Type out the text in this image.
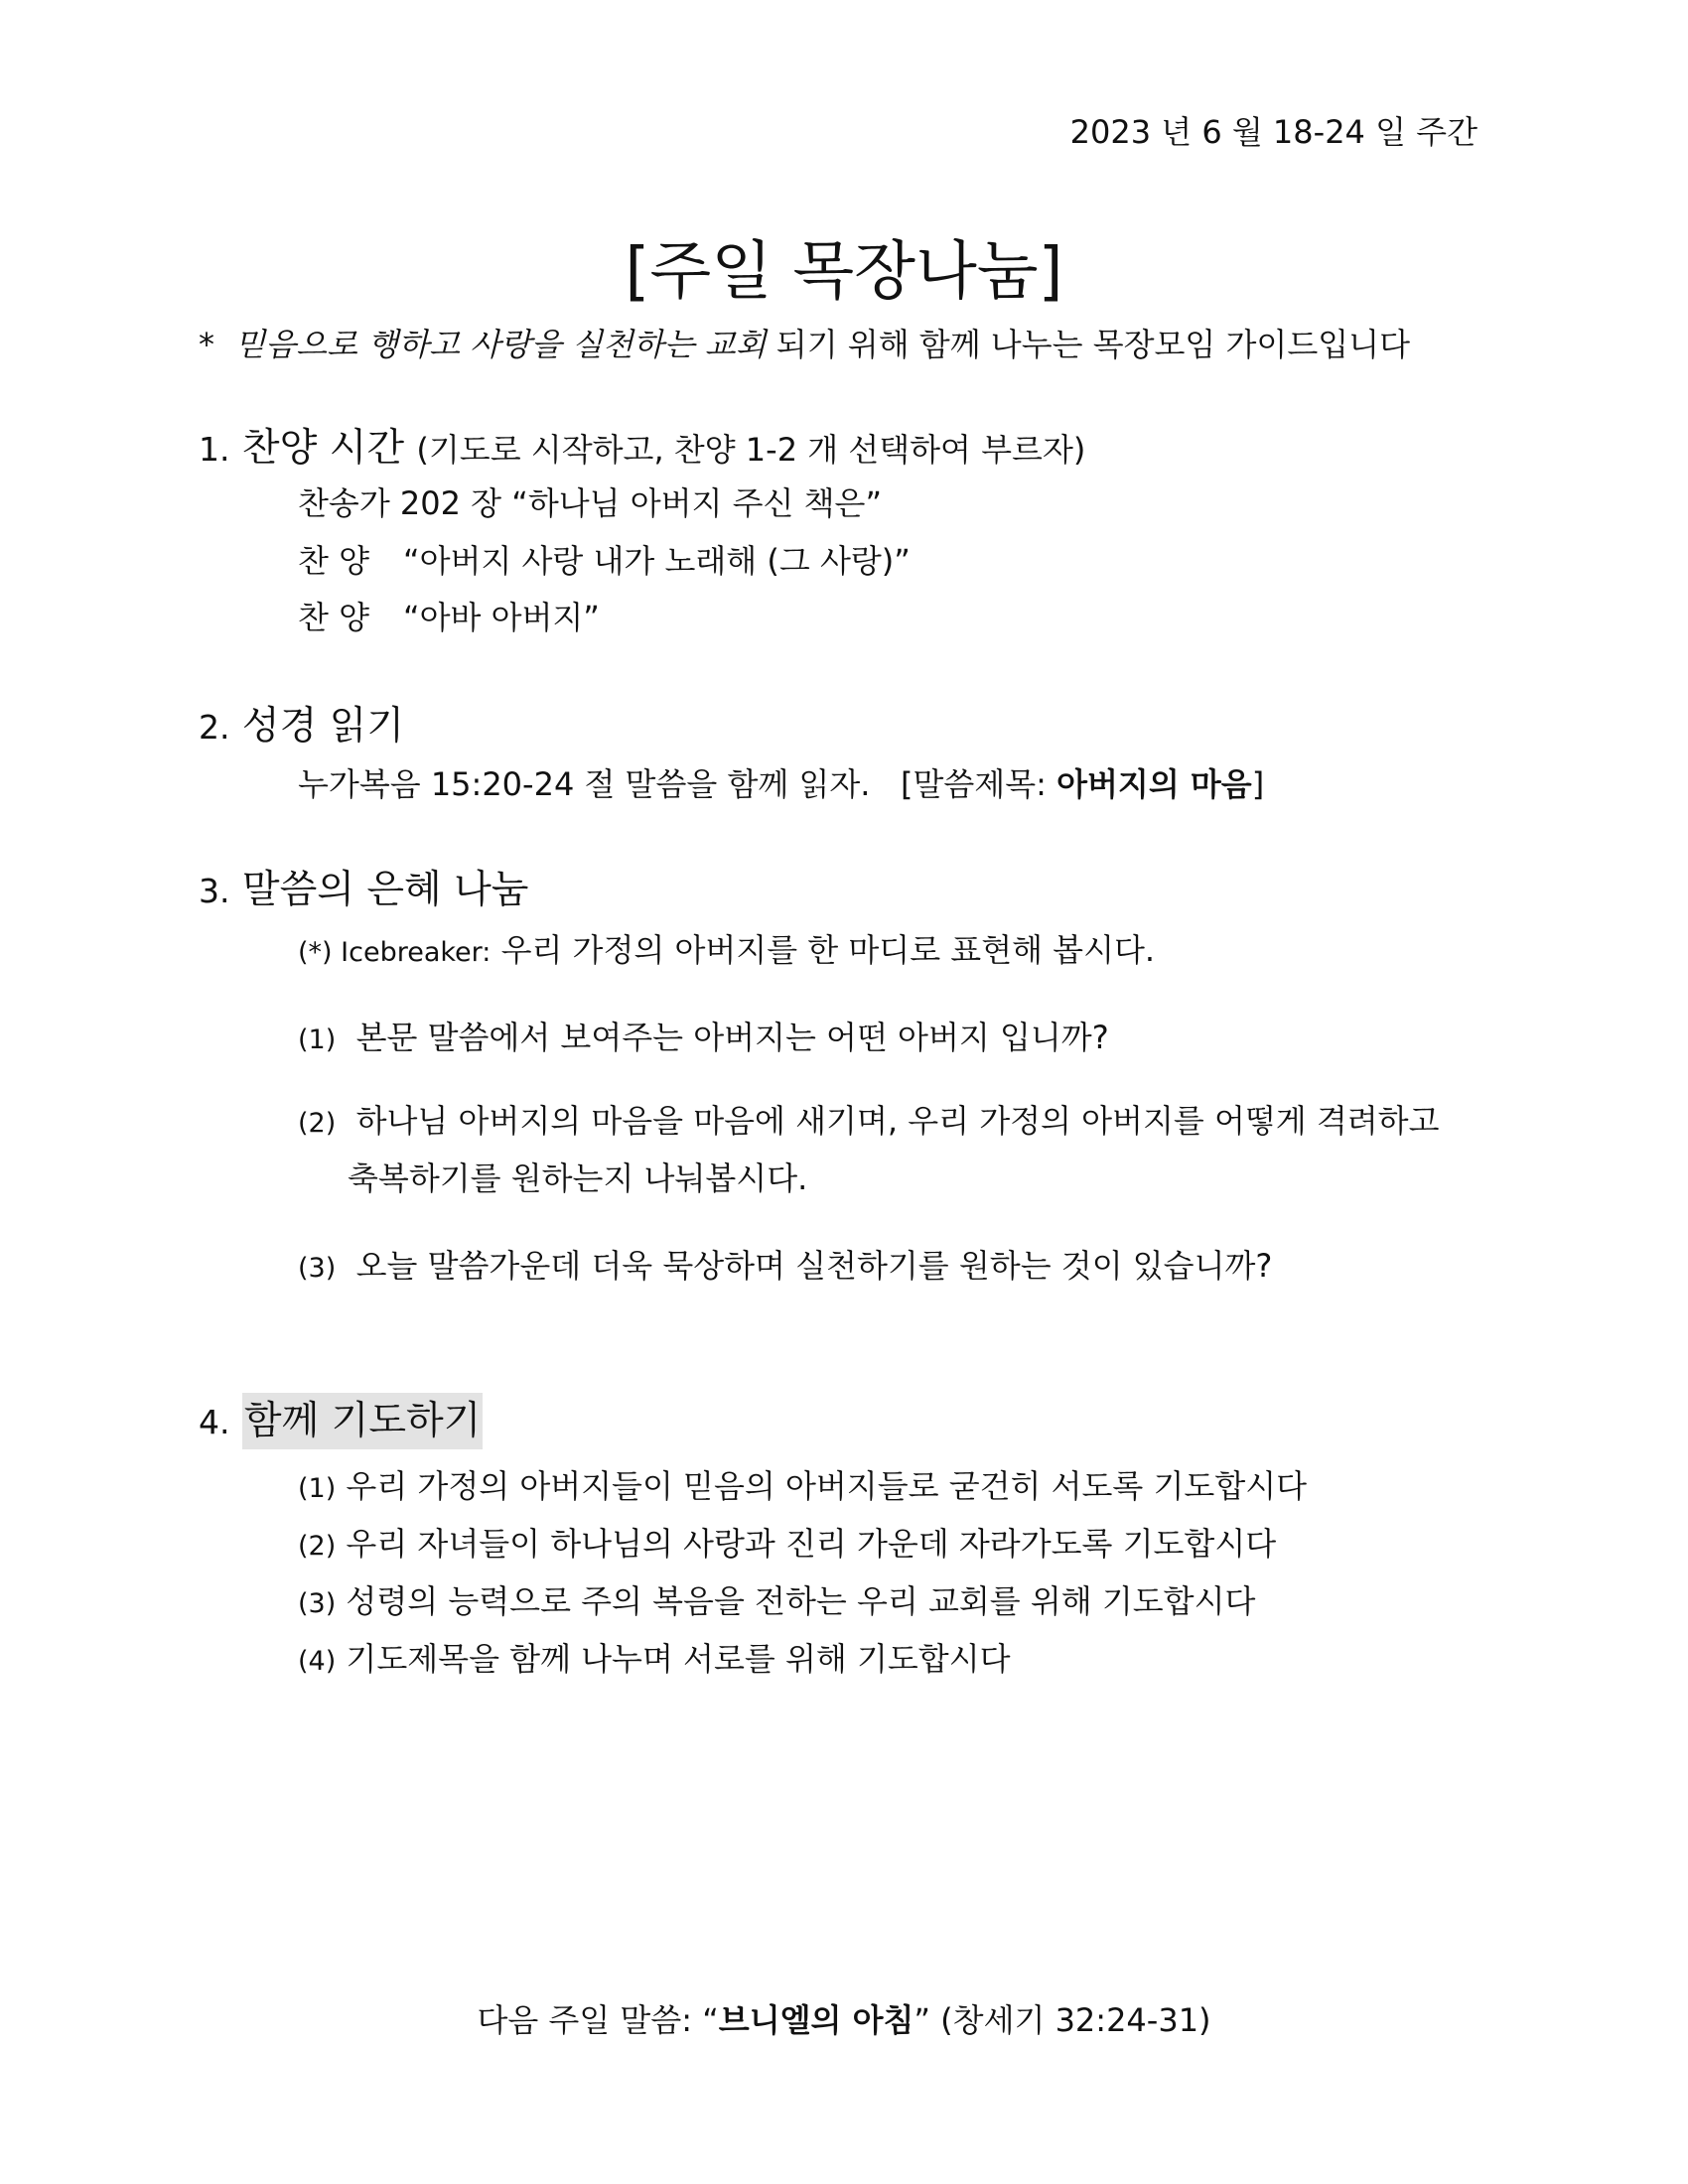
2023 년 6 월 18-24 일 주간
[주일 목장나눔]
* 믿음으로 행하고 사랑을 실천하는 교회 되기 위해 함께 나누는 목장모임 가이드입니다
1. 찬양 시간 (기도로 시작하고, 찬양 1-2 개 선택하여 부르자)
찬송가 202 장 “하나님 아버지 주신 책은”
찬 양 “아버지 사랑 내가 노래해 (그 사랑)”
찬 양 “아바 아버지”
2. 성경 읽기
누가복음 15:20-24 절 말씀을 함께 읽자. [말씀제목: 아버지의 마음]
3. 말씀의 은혜 나눔
(*) Icebreaker: 우리 가정의 아버지를 한 마디로 표현해 봅시다.
(1) 본문 말씀에서 보여주는 아버지는 어떤 아버지 입니까?
(2) 하나님 아버지의 마음을 마음에 새기며, 우리 가정의 아버지를 어떻게 격려하고
축복하기를 원하는지 나눠봅시다.
(3) 오늘 말씀가운데 더욱 묵상하며 실천하기를 원하는 것이 있습니까?
4. 함께 기도하기
(1) 우리 가정의 아버지들이 믿음의 아버지들로 굳건히 서도록 기도합시다
(2) 우리 자녀들이 하나님의 사랑과 진리 가운데 자라가도록 기도합시다
(3) 성령의 능력으로 주의 복음을 전하는 우리 교회를 위해 기도합시다
(4) 기도제목을 함께 나누며 서로를 위해 기도합시다
다음 주일 말씀: “브니엘의 아침” (창세기 32:24-31)
